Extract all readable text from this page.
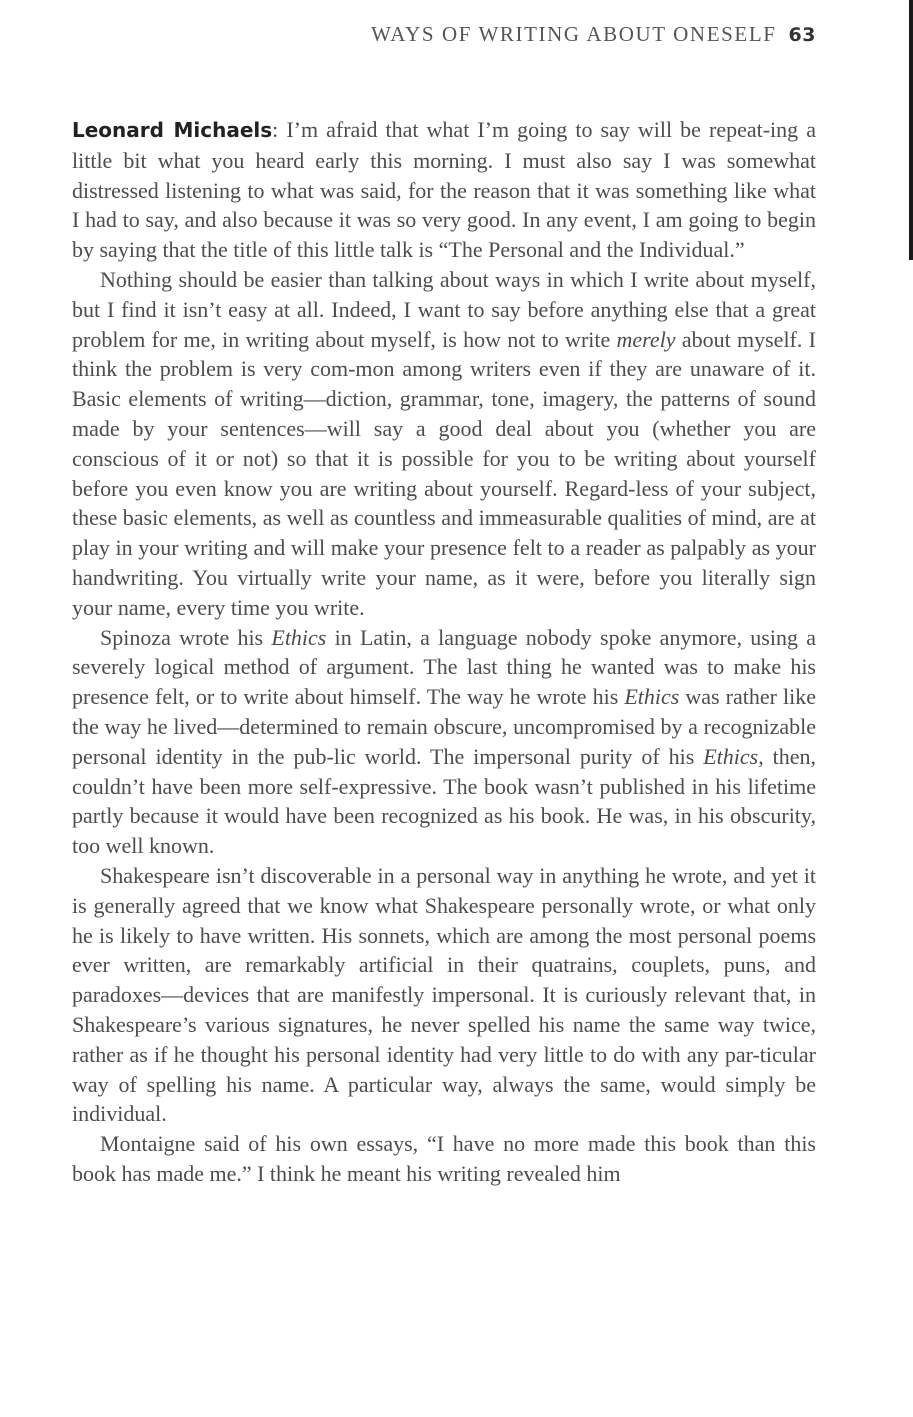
WAYS OF WRITING ABOUT ONESELF 63

Leonard Michaels: I’m afraid that what I’m going to say will be repeat-ing a little bit what you heard early this morning. I must also say I was somewhat distressed listening to what was said, for the reason that it was something like what I had to say, and also because it was so very good. In any event, I am going to begin by saying that the title of this little talk is “The Personal and the Individual.”

Nothing should be easier than talking about ways in which I write about myself, but I find it isn’t easy at all. Indeed, I want to say before anything else that a great problem for me, in writing about myself, is how not to write merely about myself. I think the problem is very com-mon among writers even if they are unaware of it. Basic elements of writing—diction, grammar, tone, imagery, the patterns of sound made by your sentences—will say a good deal about you (whether you are conscious of it or not) so that it is possible for you to be writing about yourself before you even know you are writing about yourself. Regard-less of your subject, these basic elements, as well as countless and immeasurable qualities of mind, are at play in your writing and will make your presence felt to a reader as palpably as your handwriting. You virtually write your name, as it were, before you literally sign your name, every time you write.

Spinoza wrote his Ethics in Latin, a language nobody spoke anymore, using a severely logical method of argument. The last thing he wanted was to make his presence felt, or to write about himself. The way he wrote his Ethics was rather like the way he lived—determined to remain obscure, uncompromised by a recognizable personal identity in the pub-lic world. The impersonal purity of his Ethics, then, couldn’t have been more self-expressive. The book wasn’t published in his lifetime partly because it would have been recognized as his book. He was, in his obscurity, too well known.

Shakespeare isn’t discoverable in a personal way in anything he wrote, and yet it is generally agreed that we know what Shakespeare personally wrote, or what only he is likely to have written. His sonnets, which are among the most personal poems ever written, are remarkably artificial in their quatrains, couplets, puns, and paradoxes—devices that are manifestly impersonal. It is curiously relevant that, in Shakespeare’s various signatures, he never spelled his name the same way twice, rather as if he thought his personal identity had very little to do with any par-ticular way of spelling his name. A particular way, always the same, would simply be individual.

Montaigne said of his own essays, “I have no more made this book than this book has made me.” I think he meant his writing revealed him
